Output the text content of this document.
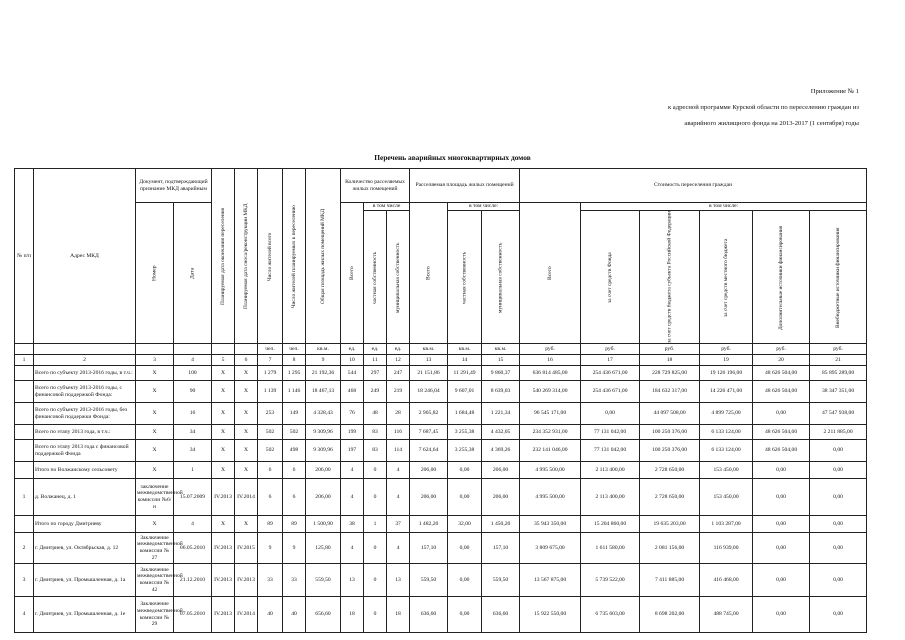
Приложение № 1
к адресной программе Курской области по переселению граждан из
аварийного жилищного фонда на 2013-2017 (1 сентября) годы
Перечень аварийных многоквартирных домов
№ п/п	Адрес МКД	Документ, подтверждающий признание МКД аварийным		Планируемая дата окончания переселения	Планируемая дата сноса/реконструкции МКД	Число жителей всего	Число жителей планируемых к переселению	Общая площадь жилых помещений МКД	Количество расселяемых жилых помещений			Расселяемая площадь жилых помещений			Стоимость переселения граждан					
		Номер	Дата						Всего	в том числе		Всего	в том числе:		Всего	в том числе:				
										частная собственность	муниципальная собственность		частная собственность	муниципальная собственность		за счет средств Фонда	за счет средств бюджета субъекта Российской Федерации	за счет средств местного бюджета	Дополнительные источники финансирования	Внебюджетные источники финансирования
						чел.	чел.	кв.м.	ед.	ед.	ед.	кв.м.	кв.м.	кв.м.	руб.	руб.	руб.	руб.	руб.	руб.
1	2	3	4	5	6	7	8	9	10	11	12	13	14	15	16	17	18	19	20	21
	Всего по субъекту 2013-2016 годы, в т.ч.:	Х	100	Х	Х	1 279	1 295	21 192,36	544	297	247	21 151,86	11 291,49	9 860,37	636 814 485,00	254 436 671,00	228 729 825,00	19 126 196,00	48 626 504,00	85 895 289,00
	Всего по субъекту 2013-2016 годы, с финансовой поддержкой Фонда:	Х	90	Х	Х	1 139	1 146	18 467,13	468	249	219	18 246,04	9 607,01	8 639,03	540 269 314,00	254 436 671,00	184 632 317,00	14 226 471,00	48 626 504,00	38 347 351,00
	Всего по субъекту 2013-2016 годы, без финансовой поддержки Фонда:	Х	16	Х	Х	253	149	4 328,43	76	48	28	2 905,82	1 684,48	1 221,34	96 545 171,00	0,00	44 097 508,00	4 899 725,00	0,00	47 547 938,00
	Всего по этапу 2013 года, в т.ч.:	Х	34	Х	Х	502	502	9 309,96	199	83	116	7 687,45	3 255,38	4 432,05	234 352 931,00	77 131 042,00	100 250 376,00	6 133 124,00	48 626 504,00	2 211 885,00
	Всего по этапу 2013 года с финансовой поддержкой Фонда	Х	34	Х	Х	502	498	9 309,96	197	83	114	7 624,64	3 255,38	4 369,26	232 141 046,00	77 131 042,00	100 250 376,00	6 133 124,00	48 626 504,00	0,00
	Итого по Волжанскому сельсовету	Х	1	Х	Х	6	6	206,00	4	0	4	206,00	0,00	206,00	4 995 500,00	2 113 400,00	2 728 650,00	153 450,00	0,00	0,00
1	д. Волжанец, д. 1	заключение межведомственной комиссии №6/н	15.07.2009	IV.2013	IV.2014	6	6	206,00	4	0	4	206,00	0,00	206,00	4 995 500,00	2 113 400,00	2 728 650,00	153 450,00	0,00	0,00
	Итого по городу Дмитриеву	Х	4	Х	Х	89	89	1 500,90	38	1	37	1 482,20	32,00	1 450,20	35 943 350,00	15 204 860,00	19 635 203,00	1 103 287,00	0,00	0,00
2	г. Дмитриев, ул. Октябрьская, д. 12	Заключение межведомственной комиссии № 27	06.05.2010	IV.2013	IV.2015	9	9	125,80	4	0	4	157,10	0,00	157,10	3 809 675,00	1 611 580,00	2 081 156,00	116 939,00	0,00	0,00
3	г. Дмитриев, ул. Промышленная, д. 1а	Заключение межведомственной комиссии № 42	21.12.2010	IV.2013	IV.2013	33	33	559,50	13	0	13	559,50	0,00	559,50	13 567 875,00	5 739 522,00	7 411 885,00	416 468,00	0,00	0,00
4	г. Дмитриев, ул. Промышленная, д. 1е	Заключение межведомственной комиссии № 29	07.05.2010	IV.2013	IV.2014	40	40	656,60	18	0	18	636,60	0,00	636,60	15 922 550,00	6 735 603,00	8 698 202,00	488 745,00	0,00	0,00
